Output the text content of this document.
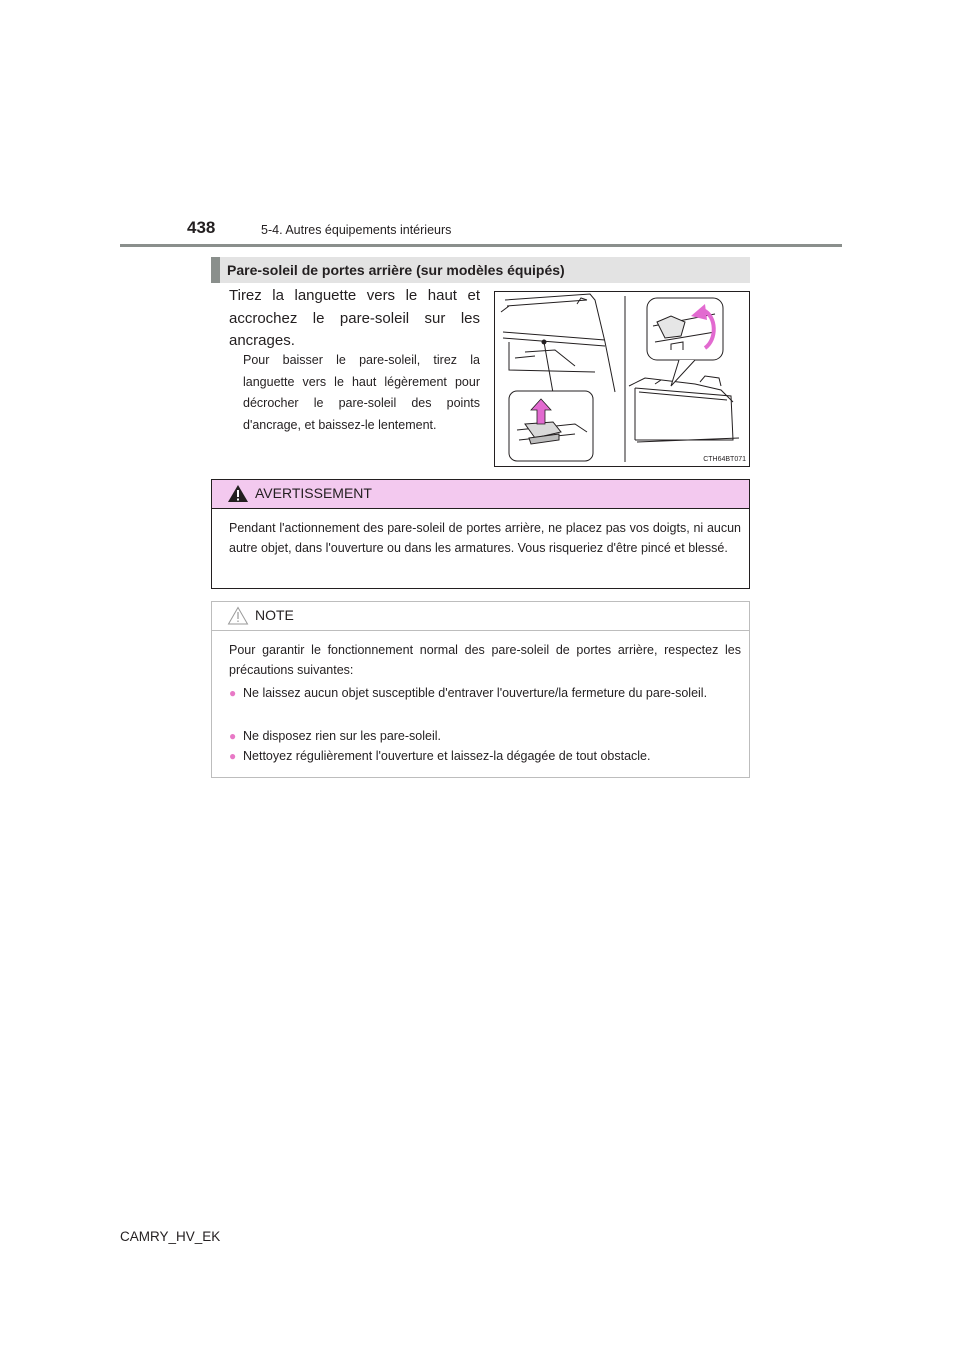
438	5-4. Autres équipements intérieurs
Pare-soleil de portes arrière (sur modèles équipés)
Tirez la languette vers le haut et accrochez le pare-soleil sur les ancrages.
Pour baisser le pare-soleil, tirez la languette vers le haut légèrement pour décrocher le pare-soleil des points d'ancrage, et baissez-le lentement.
CTH64BT071
AVERTISSEMENT
Pendant l'actionnement des pare-soleil de portes arrière, ne placez pas vos doigts, ni aucun autre objet, dans l'ouverture ou dans les armatures. Vous risqueriez d'être pincé et blessé.
NOTE
Pour garantir le fonctionnement normal des pare-soleil de portes arrière, respectez les précautions suivantes:
● Ne laissez aucun objet susceptible d'entraver l'ouverture/la fermeture du pare-soleil.
● Ne disposez rien sur les pare-soleil.
● Nettoyez régulièrement l'ouverture et laissez-la dégagée de tout obstacle.
CAMRY_HV_EK
